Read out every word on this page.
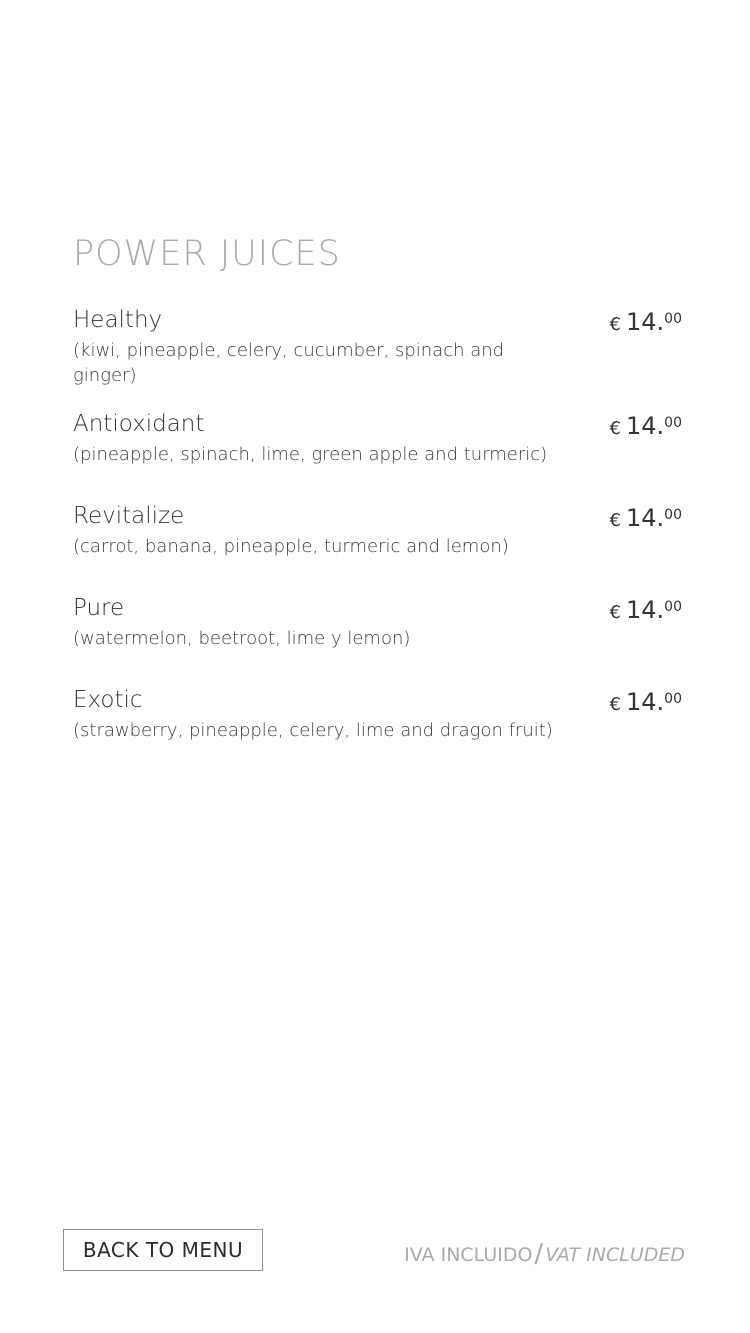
POWER JUICES
Healthy
(kiwi, pineapple, celery, cucumber, spinach and ginger)
€ 14.00
Antioxidant
(pineapple, spinach, lime, green apple and turmeric)
€ 14.00
Revitalize
(carrot, banana, pineapple, turmeric and lemon)
€ 14.00
Pure
(watermelon, beetroot, lime y lemon)
€ 14.00
Exotic
(strawberry, pineapple, celery, lime and dragon fruit)
€ 14.00
BACK TO MENU	IVA INCLUIDO/ VAT INCLUDED
